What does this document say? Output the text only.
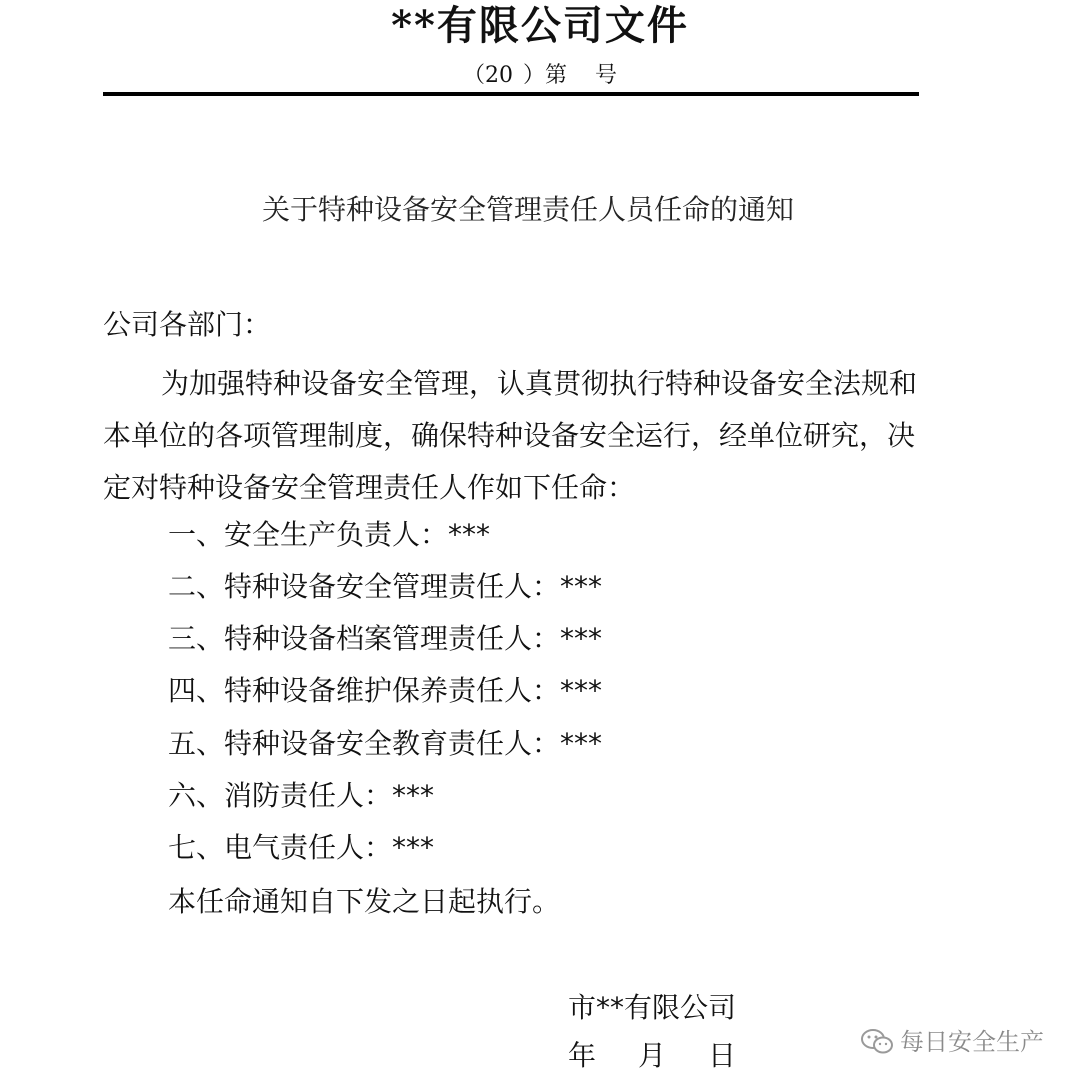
**有限公司文件
（20 ）第 号
关于特种设备安全管理责任人员任命的通知
公司各部门：
为加强特种设备安全管理，认真贯彻执行特种设备安全法规和
本单位的各项管理制度，确保特种设备安全运行，经单位研究，决
定对特种设备安全管理责任人作如下任命：
一、安全生产负责人：***
二、特种设备安全管理责任人：***
三、特种设备档案管理责任人：***
四、特种设备维护保养责任人：***
五、特种设备安全教育责任人：***
六、消防责任人：***
七、电气责任人：***
本任命通知自下发之日起执行。
市**有限公司
年 月 日	每日安全生产
